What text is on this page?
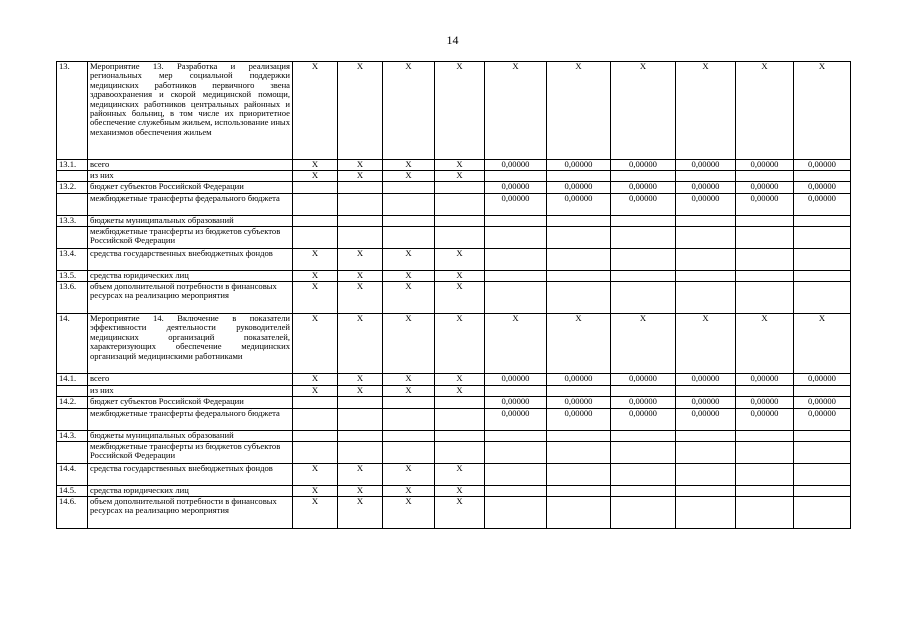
14
13.	Мероприятие 13. Разработка и реализация региональных мер социальной поддержки медицинских работников первичного звена здравоохранения и скорой медицинской помощи, медицинских работников центральных районных и районных больниц, в том числе их приоритетное обеспечение служебным жильем, использование иных механизмов обеспечения жильем	X	X	X	X	X	X	X	X	X	X
13.1.	всего	X	X	X	X	0,00000	0,00000	0,00000	0,00000	0,00000	0,00000
	из них	X	X	X	X						
13.2.	бюджет субъектов Российской Федерации					0,00000	0,00000	0,00000	0,00000	0,00000	0,00000
	межбюджетные трансферты федерального бюджета					0,00000	0,00000	0,00000	0,00000	0,00000	0,00000
13.3.	бюджеты муниципальных образований										
	межбюджетные трансферты из бюджетов субъектов Российской Федерации										
13.4.	средства государственных внебюджетных фондов	X	X	X	X						
13.5.	средства юридических лиц	X	X	X	X						
13.6.	объем дополнительной потребности в финансовых ресурсах на реализацию мероприятия	X	X	X	X						
14.	Мероприятие 14. Включение в показатели эффективности деятельности руководителей медицинских организаций показателей, характеризующих обеспечение медицинских организаций медицинскими работниками	X	X	X	X	X	X	X	X	X	X
14.1.	всего	X	X	X	X	0,00000	0,00000	0,00000	0,00000	0,00000	0,00000
	из них	X	X	X	X						
14.2.	бюджет субъектов Российской Федерации					0,00000	0,00000	0,00000	0,00000	0,00000	0,00000
	межбюджетные трансферты федерального бюджета					0,00000	0,00000	0,00000	0,00000	0,00000	0,00000
14.3.	бюджеты муниципальных образований										
	межбюджетные трансферты из бюджетов субъектов Российской Федерации										
14.4.	средства государственных внебюджетных фондов	X	X	X	X						
14.5.	средства юридических лиц	X	X	X	X						
14.6.	объем дополнительной потребности в финансовых ресурсах на реализацию мероприятия	X	X	X	X						
